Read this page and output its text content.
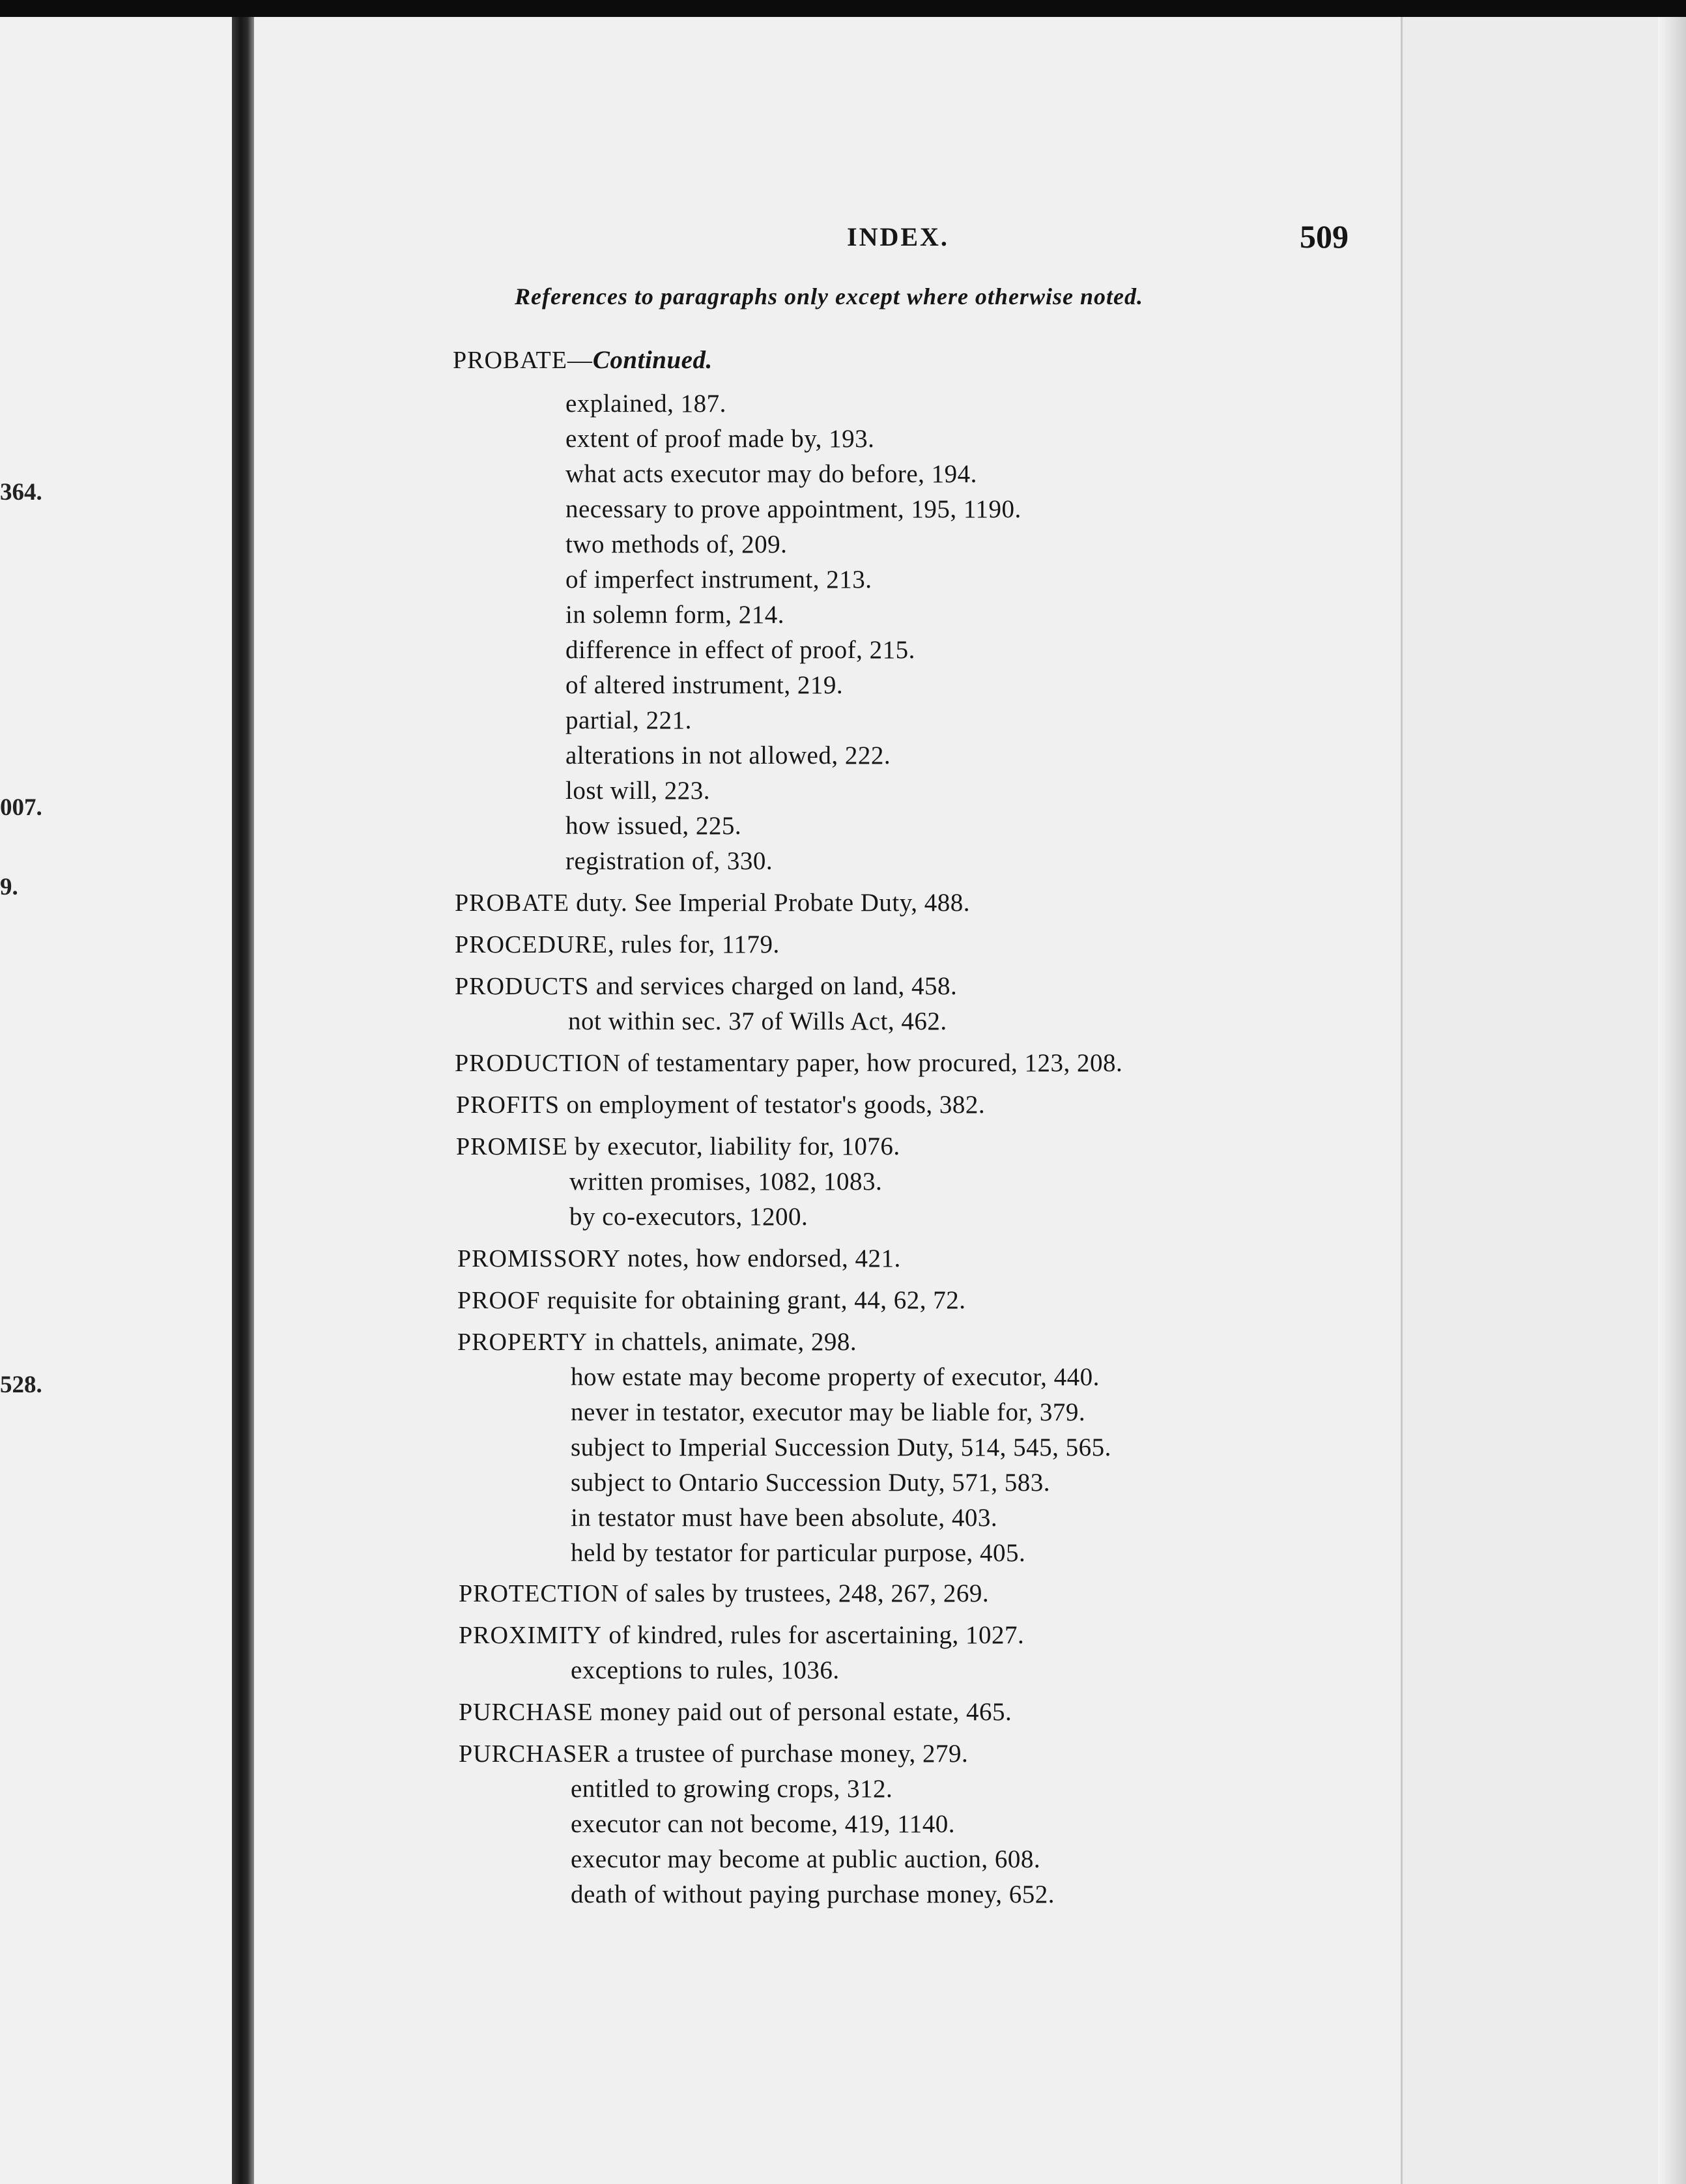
364.
007.
9.
528.
INDEX.	509
References to paragraphs only except where otherwise noted.
PROBATE—Continued.
explained, 187.
extent of proof made by, 193.
what acts executor may do before, 194.
necessary to prove appointment, 195, 1190.
two methods of, 209.
of imperfect instrument, 213.
in solemn form, 214.
difference in effect of proof, 215.
of altered instrument, 219.
partial, 221.
alterations in not allowed, 222.
lost will, 223.
how issued, 225.
registration of, 330.
PROBATE duty. See Imperial Probate Duty, 488.
PROCEDURE, rules for, 1179.
PRODUCTS and services charged on land, 458.
not within sec. 37 of Wills Act, 462.
PRODUCTION of testamentary paper, how procured, 123, 208.
PROFITS on employment of testator's goods, 382.
PROMISE by executor, liability for, 1076.
written promises, 1082, 1083.
by co-executors, 1200.
PROMISSORY notes, how endorsed, 421.
PROOF requisite for obtaining grant, 44, 62, 72.
PROPERTY in chattels, animate, 298.
how estate may become property of executor, 440.
never in testator, executor may be liable for, 379.
subject to Imperial Succession Duty, 514, 545, 565.
subject to Ontario Succession Duty, 571, 583.
in testator must have been absolute, 403.
held by testator for particular purpose, 405.
PROTECTION of sales by trustees, 248, 267, 269.
PROXIMITY of kindred, rules for ascertaining, 1027.
exceptions to rules, 1036.
PURCHASE money paid out of personal estate, 465.
PURCHASER a trustee of purchase money, 279.
entitled to growing crops, 312.
executor can not become, 419, 1140.
executor may become at public auction, 608.
death of without paying purchase money, 652.
